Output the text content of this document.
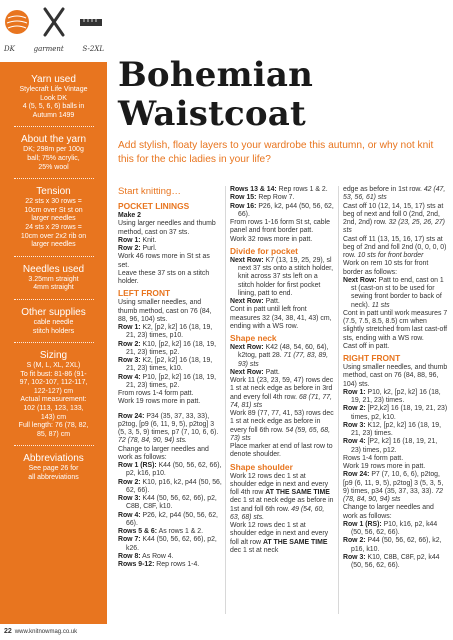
DK	garment	S-2XL
Yarn used
Stylecraft Life Vintage
Look DK
4 (5, 5, 6, 6) balls in
Autumn 1499
About the yarn
DK; 298m per 100g
ball; 75% acrylic,
25% wool
Tension
22 sts x 30 rows =
10cm over St st on
larger needles
24 sts x 29 rows =
10cm over 2x2 rib on
larger needles
Needles used
3.25mm straight
4mm straight
Other supplies
cable needle
stitch holders
Sizing
S (M, L, XL, 2XL)
To fit bust: 81-86 (91-
97, 102-107, 112-117,
122-127) cm
Actual measurement:
102 (113, 123, 133,
143) cm
Full length: 76 (78, 82,
85, 87) cm
Abbreviations
See page 26 for
all abbreviations
Bohemian
Waistcoat
Add stylish, floaty layers to your wardrobe this autumn, or why not knit this for the chic ladies in your life?
Start knitting…
POCKET LININGS

Make 2

Using larger needles and thumb method, cast on 37 sts.

Row 1: Knit.

Row 2: Purl.

Work 46 rows more in St st as set.

Leave these 37 sts on a stitch holder.

LEFT FRONT

Using smaller needles, and thumb method, cast on 76 (84, 88, 96, 104) sts.

Row 1: K2, [p2, k2] 16 (18, 19, 21, 23) times, p10.

Row 2: K10, [p2, k2] 16 (18, 19, 21, 23) times, p2.

Row 3: K2, [p2, k2] 16 (18, 19, 21, 23) times, k10.

Row 4: P10, [p2, k2] 16 (18, 19, 21, 23) times, p2.

From rows 1-4 form patt.

Work 19 rows more in patt.

Row 24: P34 (35, 37, 33, 33), p2tog, [p9 (6, 11, 9, 5), p2tog] 3 (5, 3, 5, 9) times, p7 (7, 10, 6, 6). 72 (78, 84, 90, 94) sts.

Change to larger needles and work as follows:

Row 1 (RS): K44 (50, 56, 62, 66), p2, k16, p10.

Row 2: K10, p16, k2, p44 (50, 56, 62, 66).

Row 3: K44 (50, 56, 62, 66), p2, C8B, C8F, k10.

Row 4: P26, k2, p44 (50, 56, 62, 66).

Rows 5 & 6: As rows 1 & 2.

Row 7: K44 (50, 56, 62, 66), p2, k26.

Row 8: As Row 4.

Rows 9-12: Rep rows 1-4.

Rows 13 & 14: Rep rows 1 & 2.

Row 15: Rep Row 7.

Row 16: P26, k2, p44 (50, 56, 62, 66).

From rows 1-16 form St st, cable panel and front border patt.

Work 32 rows more in patt.

Divide for pocket

Next Row: K7 (13, 19, 25, 29), sl next 37 sts onto a stitch holder, knit across 37 sts left on a stitch holder for first pocket lining, patt to end.

Next Row: Patt.

Cont in patt until left front measures 32 (34, 38, 41, 43) cm, ending with a WS row.

Shape neck

Next Row: K42 (48, 54, 60, 64), k2tog, patt 28. 71 (77, 83, 89, 93) sts

Next Row: Patt.

Work 11 (23, 23, 59, 47) rows dec 1 st at neck edge as before in 3rd and every foll 4th row. 68 (71, 77, 74, 81) sts

Work 89 (77, 77, 41, 53) rows dec 1 st at neck edge as before in every foll 6th row. 54 (59, 65, 68, 73) sts

Place marker at end of last row to denote shoulder.

Shape shoulder

Work 12 rows dec 1 st at shoulder edge in next and every foll 4th row AT THE SAME TIME dec 1 st at neck edge as before in 1st and foll 6th row. 49 (54, 60, 63, 68) sts.

Work 12 rows dec 1 st at shoulder edge in next and every foll alt row AT THE SAME TIME dec 1 st at neck

edge as before in 1st row. 42 (47, 53, 56, 61) sts

Cast off 10 (12, 14, 15, 17) sts at beg of next and foll 0 (2nd, 2nd, 2nd, 2nd) row. 32 (23, 25, 26, 27) sts

Cast off 11 (13, 15, 16, 17) sts at beg of 2nd and foll 2nd (0, 0, 0, 0) row. 10 sts for front border

Work on rem 10 sts for front border as follows:

Next Row: Patt to end, cast on 1 st (cast-on st to be used for sewing front border to back of neck). 11 sts

Cont in patt until work measures 7 (7.5, 7.5, 8.5, 8.5) cm when slightly stretched from last cast-off sts, ending with a WS row.

Cast off in patt.

RIGHT FRONT

Using smaller needles, and thumb method, cast on 76 (84, 88, 96, 104) sts.

Row 1: P10, k2, [p2, k2] 16 (18, 19, 21, 23) times.

Row 2: [P2,k2] 16 (18, 19, 21, 23) times, p2, k10.

Row 3: K12, [p2, k2] 16 (18, 19, 21, 23) times.

Row 4: [P2, k2] 16 (18, 19, 21, 23) times, p12.

Rows 1-4 form patt.

Work 19 rows more in patt.

Row 24: P7 (7, 10, 6, 6), p2tog, [p9 (6, 11, 9, 5), p2tog] 3 (5, 3, 5, 9) times, p34 (35, 37, 33, 33). 72 (78, 84, 90, 94) sts

Change to larger needles and work as follows:

Row 1 (RS): P10, k16, p2, k44 (50, 56, 62, 66).

Row 2: P44 (50, 56, 62, 66), k2, p16, k10.

Row 3: K10, C8B, C8F, p2, k44 (50, 56, 62, 66).

22 www.knitnowmag.co.uk
